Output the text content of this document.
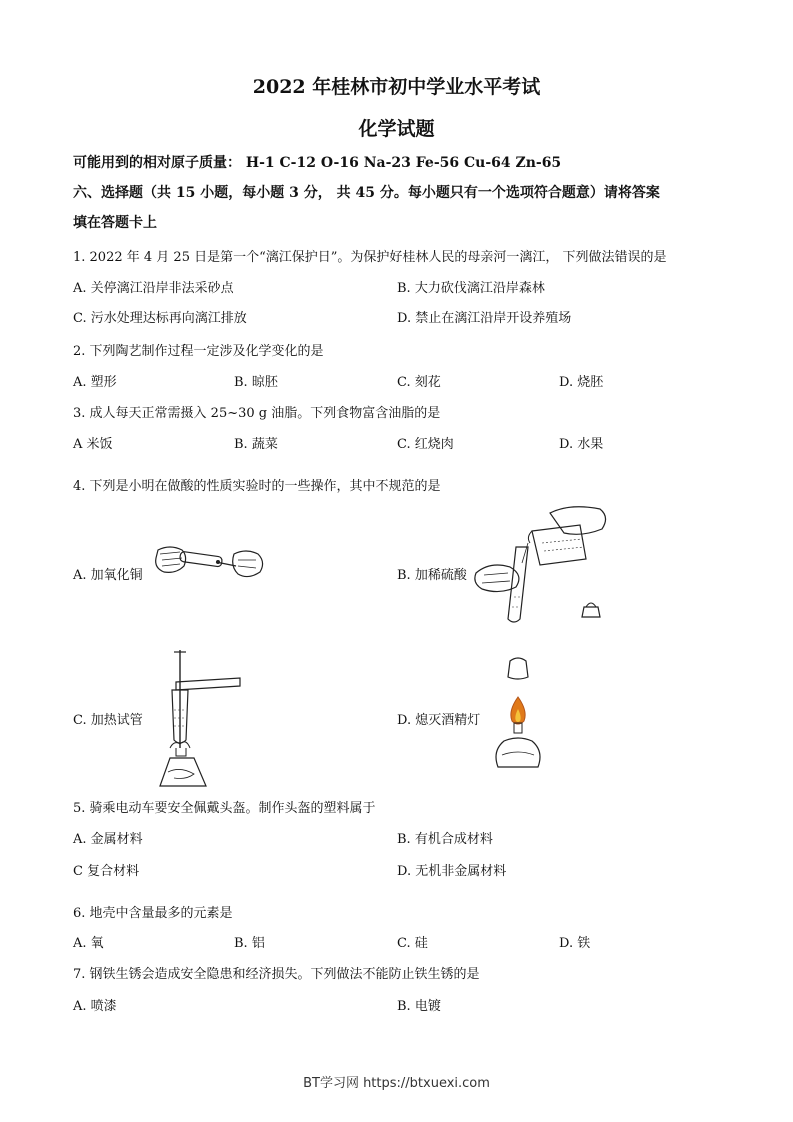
2022 年桂林市初中学业水平考试
化学试题
可能用到的相对原子质量： H-1 C-12 O-16 Na-23 Fe-56 Cu-64 Zn-65
六、选择题（共 15 小题，每小题 3 分， 共 45 分。每小题只有一个选项符合题意）请将答案
填在答题卡上
1. 2022 年 4 月 25 日是第一个“漓江保护日”。为保护好桂林人民的母亲河一漓江， 下列做法错误的是
A. 关停漓江沿岸非法采砂点	B. 大力砍伐漓江沿岸森林
C. 污水处理达标再向漓江排放	D. 禁止在漓江沿岸开设养殖场
2. 下列陶艺制作过程一定涉及化学变化的是
A. 塑形	B. 晾胚	C. 刻花	D. 烧胚
3. 成人每天正常需摄入 25~30 g 油脂。下列食物富含油脂的是
A 米饭	B. 蔬菜	C. 红烧肉	D. 水果
4. 下列是小明在做酸的性质实验时的一些操作，其中不规范的是
A. 加氧化铜	B. 加稀硫酸
C. 加热试管	D. 熄灭酒精灯
5. 骑乘电动车要安全佩戴头盔。制作头盔的塑料属于
A. 金属材料	B. 有机合成材料
C 复合材料	D. 无机非金属材料
6. 地壳中含量最多的元素是
A. 氧	B. 铝	C. 硅	D. 铁
7. 钢铁生锈会造成安全隐患和经济损失。下列做法不能防止铁生锈的是
A. 喷漆	B. 电镀
BT学习网 https://btxuexi.com
